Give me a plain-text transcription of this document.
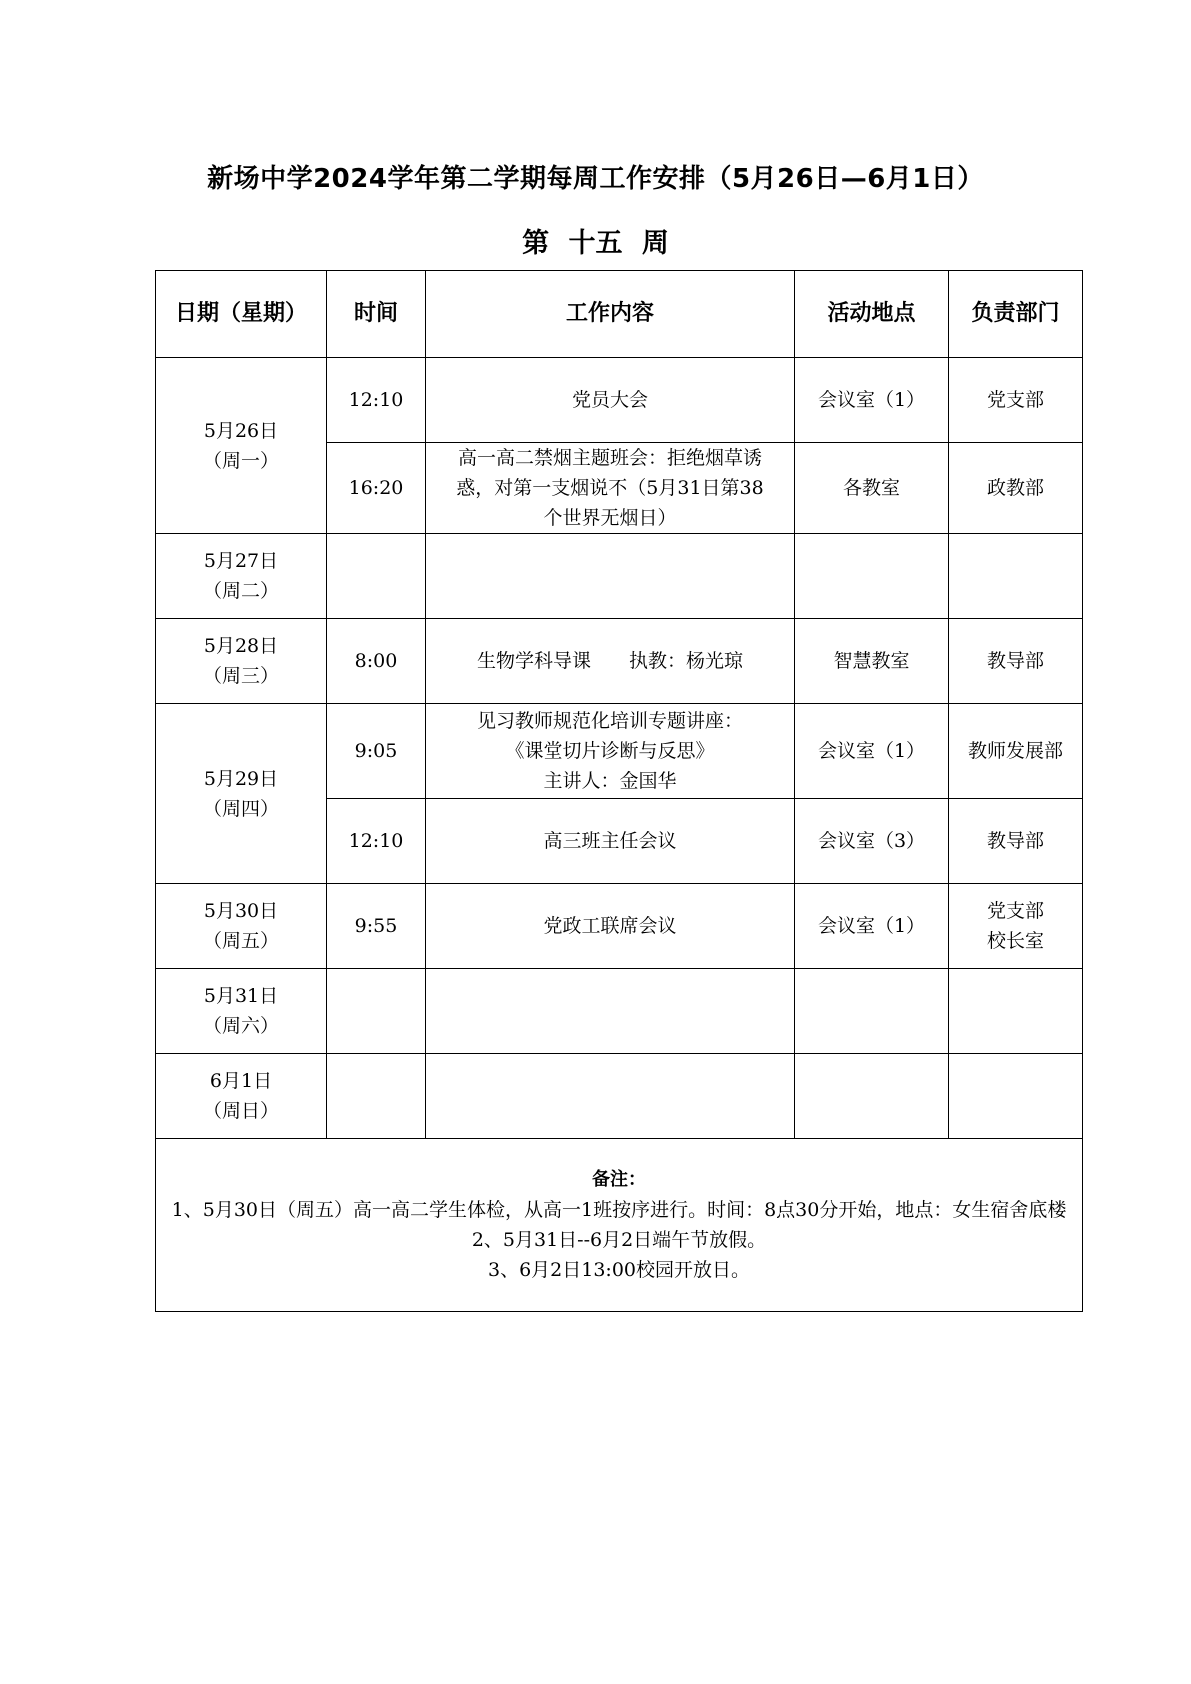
新场中学2024学年第二学期每周工作安排（5月26日—6月1日）
第 十五 周
日期（星期）	时间	工作内容	活动地点	负责部门

5月26日
（周一）	12:10	党员大会	会议室（1）	党支部
	16:20	高一高二禁烟主题班会：拒绝烟草诱
惑，对第一支烟说不（5月31日第38
个世界无烟日）	各教室	政教部

5月27日
（周二）				

5月28日
（周三）	8:00	生物学科导课 执教：杨光琼	智慧教室	教导部

5月29日
（周四）	9:05	见习教师规范化培训专题讲座：
《课堂切片诊断与反思》
主讲人：金国华	会议室（1）	教师发展部
	12:10	高三班主任会议	会议室（3）	教导部

5月30日
（周五）	9:55	党政工联席会议	会议室（1）	党支部
校长室

5月31日
（周六）				

6月1日
（周日）				

备注：
1、5月30日（周五）高一高二学生体检，从高一1班按序进行。时间：8点30分开始，地点：女生宿舍底楼
2、5月31日--6月2日端午节放假。
3、6月2日13:00校园开放日。				
